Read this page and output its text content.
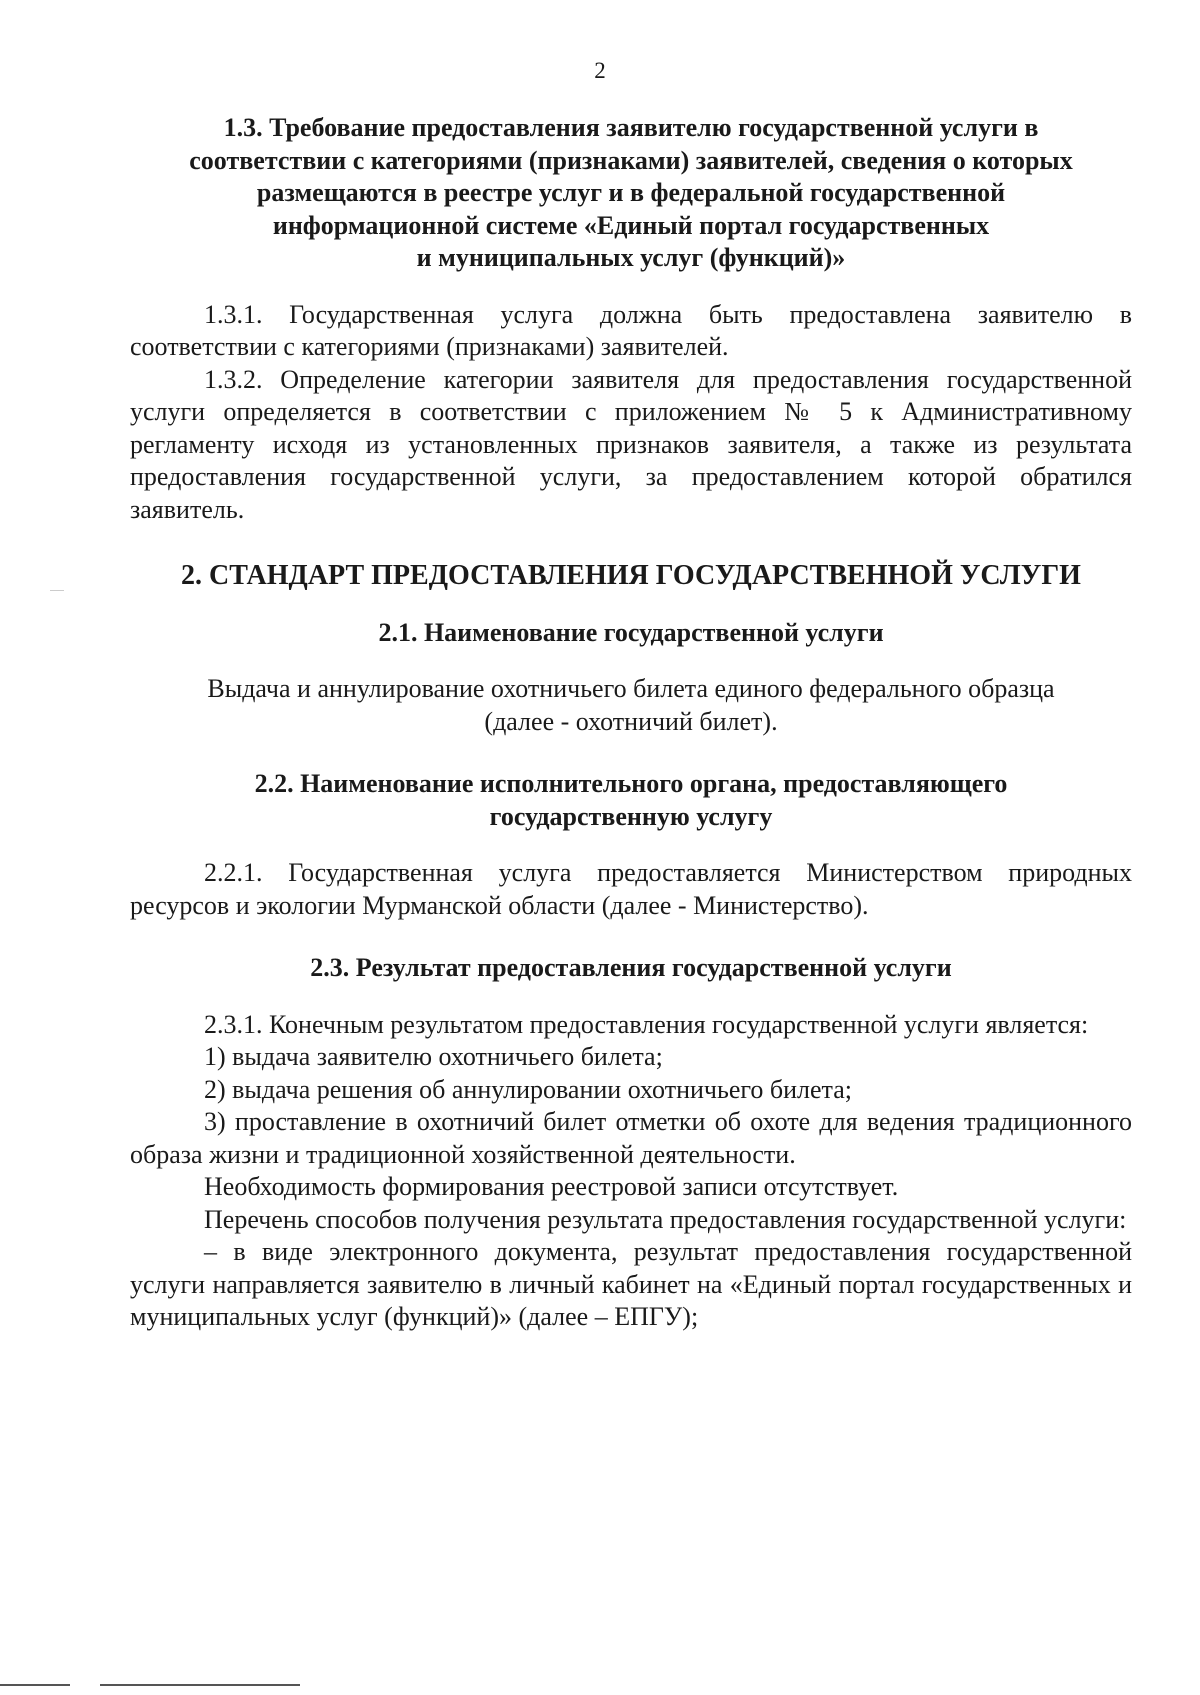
2
1.3. Требование предоставления заявителю государственной услуги в
соответствии с категориями (признаками) заявителей, сведения о которых
размещаются в реестре услуг и в федеральной государственной
информационной системе «Единый портал государственных
и муниципальных услуг (функций)»

1.3.1. Государственная услуга должна быть предоставлена заявителю в соответствии с категориями (признаками) заявителей.

1.3.2. Определение категории заявителя для предоставления государственной услуги определяется в соответствии с приложением № 5 к Административному регламенту исходя из установленных признаков заявителя, а также из результата предоставления государственной услуги, за предоставлением которой обратился заявитель.

2. СТАНДАРТ ПРЕДОСТАВЛЕНИЯ ГОСУДАРСТВЕННОЙ УСЛУГИ
2.1. Наименование государственной услуги
Выдача и аннулирование охотничьего билета единого федерального образца
(далее - охотничий билет).
2.2. Наименование исполнительного органа, предоставляющего
государственную услугу

2.2.1. Государственная услуга предоставляется Министерством природных ресурсов и экологии Мурманской области (далее - Министерство).

2.3. Результат предоставления государственной услуги

2.3.1. Конечным результатом предоставления государственной услуги является:

1) выдача заявителю охотничьего билета;

2) выдача решения об аннулировании охотничьего билета;

3) проставление в охотничий билет отметки об охоте для ведения традиционного образа жизни и традиционной хозяйственной деятельности.

Необходимость формирования реестровой записи отсутствует.

Перечень способов получения результата предоставления государственной услуги:

– в виде электронного документа, результат предоставления государственной услуги направляется заявителю в личный кабинет на «Единый портал государственных и муниципальных услуг (функций)» (далее – ЕПГУ);
